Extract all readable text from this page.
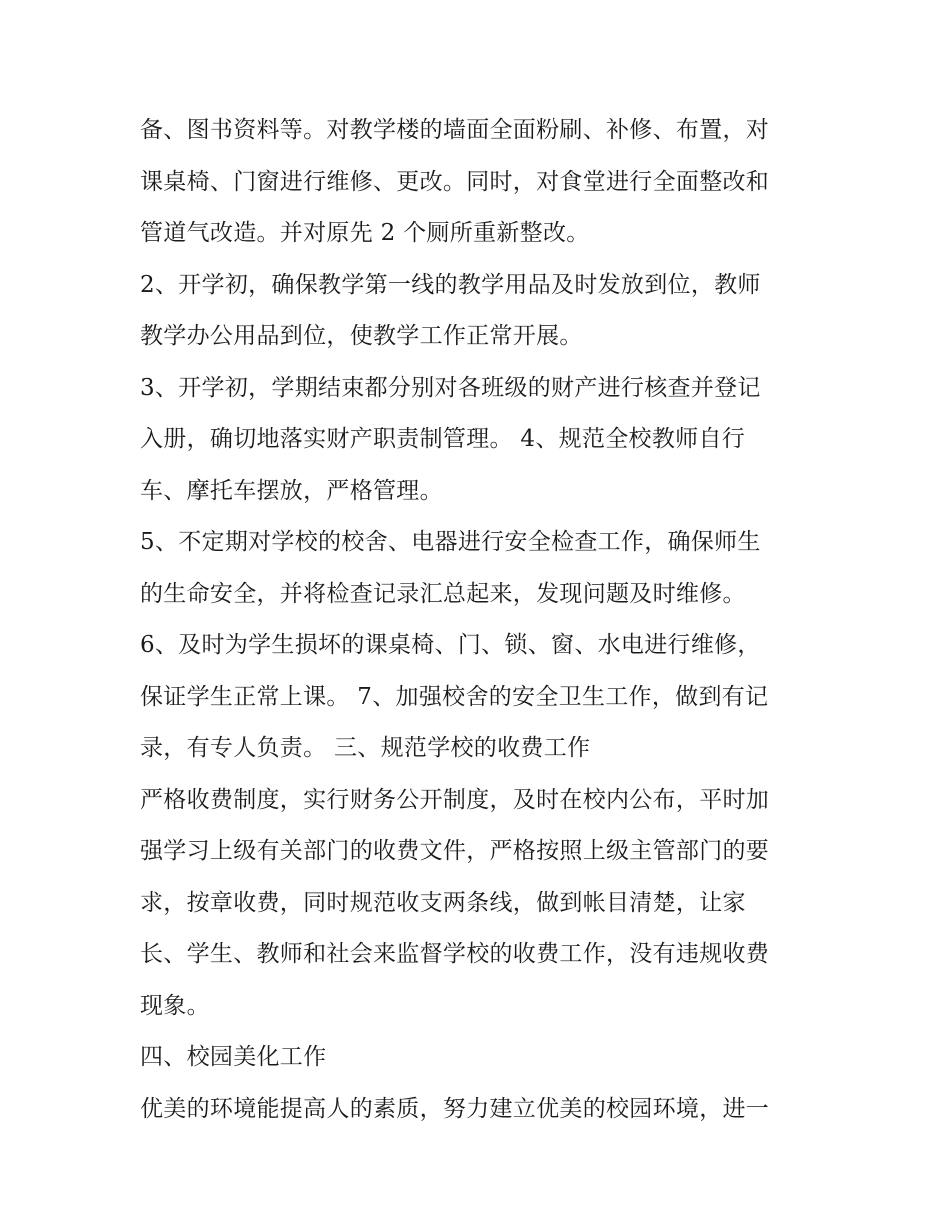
备、图书资料等。对教学楼的墙面全面粉刷、补修、布置，对
课桌椅、门窗进行维修、更改。同时，对食堂进行全面整改和
管道气改造。并对原先 2 个厕所重新整改。
2、开学初，确保教学第一线的教学用品及时发放到位，教师
教学办公用品到位，使教学工作正常开展。
3、开学初，学期结束都分别对各班级的财产进行核查并登记
入册，确切地落实财产职责制管理。 4、规范全校教师自行
车、摩托车摆放，严格管理。
5、不定期对学校的校舍、电器进行安全检查工作，确保师生
的生命安全，并将检查记录汇总起来，发现问题及时维修。
6、及时为学生损坏的课桌椅、门、锁、窗、水电进行维修，
保证学生正常上课。 7、加强校舍的安全卫生工作，做到有记
录，有专人负责。 三、规范学校的收费工作
严格收费制度，实行财务公开制度，及时在校内公布，平时加
强学习上级有关部门的收费文件，严格按照上级主管部门的要
求，按章收费，同时规范收支两条线，做到帐目清楚，让家
长、学生、教师和社会来监督学校的收费工作，没有违规收费
现象。
四、校园美化工作
优美的环境能提高人的素质，努力建立优美的校园环境，进一
